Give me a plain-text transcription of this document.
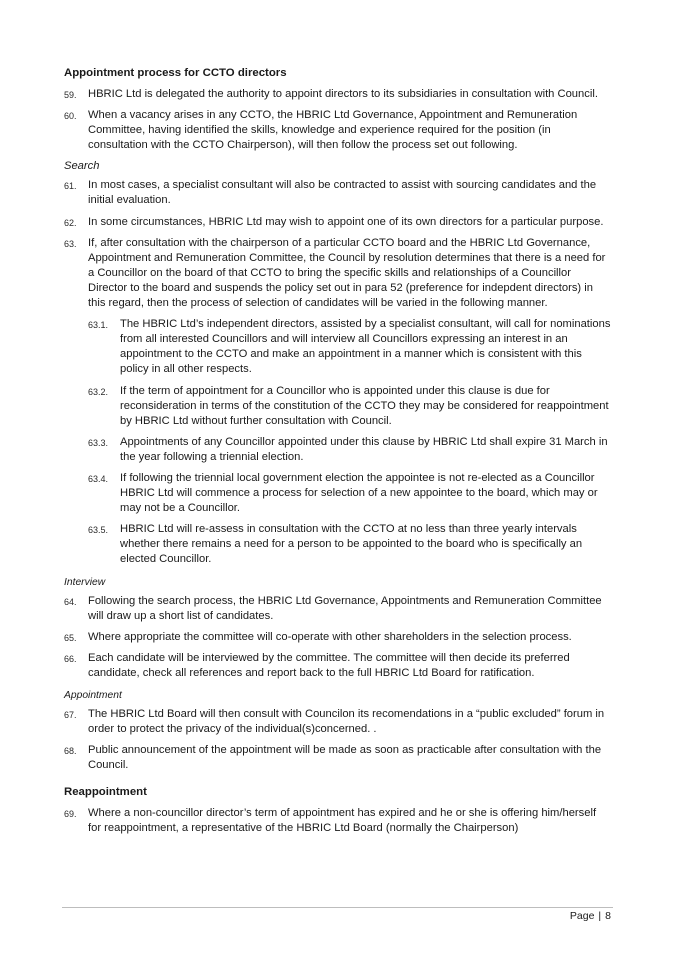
Appointment process for CCTO directors
59. HBRIC Ltd is delegated the authority to appoint directors to its subsidiaries in consultation with Council.
60. When a vacancy arises in any CCTO, the HBRIC Ltd Governance, Appointment and Remuneration Committee, having identified the skills, knowledge and experience required for the position (in consultation with the CCTO Chairperson), will then follow the process set out following.
Search
61. In most cases, a specialist consultant will also be contracted to assist with sourcing candidates and the initial evaluation.
62. In some circumstances, HBRIC Ltd may wish to appoint one of its own directors for a particular purpose.
63. If, after consultation with the chairperson of a particular CCTO board and the HBRIC Ltd Governance, Appointment and Remuneration Committee, the Council by resolution determines that there is a need for a Councillor on the board of that CCTO to bring the specific skills and relationships of a Councillor Director to the board and suspends the policy set out in para 52 (preference for indepdent directors) in this regard, then the process of selection of candidates will be varied in the following manner.
63.1. The HBRIC Ltd’s independent directors, assisted by a specialist consultant, will call for nominations from all interested Councillors and will interview all Councillors expressing an interest in an appointment to the CCTO and make an appointment in a manner which is consistent with this policy in all other respects.
63.2. If the term of appointment for a Councillor who is appointed under this clause is due for reconsideration in terms of the constitution of the CCTO they may be considered for reappointment by HBRIC Ltd without further consultation with Council.
63.3. Appointments of any Councillor appointed under this clause by HBRIC Ltd shall expire 31 March in the year following a triennial election.
63.4. If following the triennial local government election the appointee is not re-elected as a Councillor HBRIC Ltd will commence a process for selection of a new appointee to the board, which may or may not be a Councillor.
63.5. HBRIC Ltd will re-assess in consultation with the CCTO at no less than three yearly intervals whether there remains a need for a person to be appointed to the board who is specifically an elected Councillor.
Interview
64. Following the search process, the HBRIC Ltd Governance, Appointments and Remuneration Committee will draw up a short list of candidates.
65. Where appropriate the committee will co-operate with other shareholders in the selection process.
66. Each candidate will be interviewed by the committee. The committee will then decide its preferred candidate, check all references and report back to the full HBRIC Ltd Board for ratification.
Appointment
67. The HBRIC Ltd Board will then consult with Councilon its recomendations in a “public excluded” forum in order to protect the privacy of the individual(s)concerned. .
68. Public announcement of the appointment will be made as soon as practicable after consultation with the Council.
Reappointment
69. Where a non-councillor director’s term of appointment has expired and he or she is offering him/herself for reappointment, a representative of the HBRIC Ltd Board (normally the Chairperson)
Page | 8
